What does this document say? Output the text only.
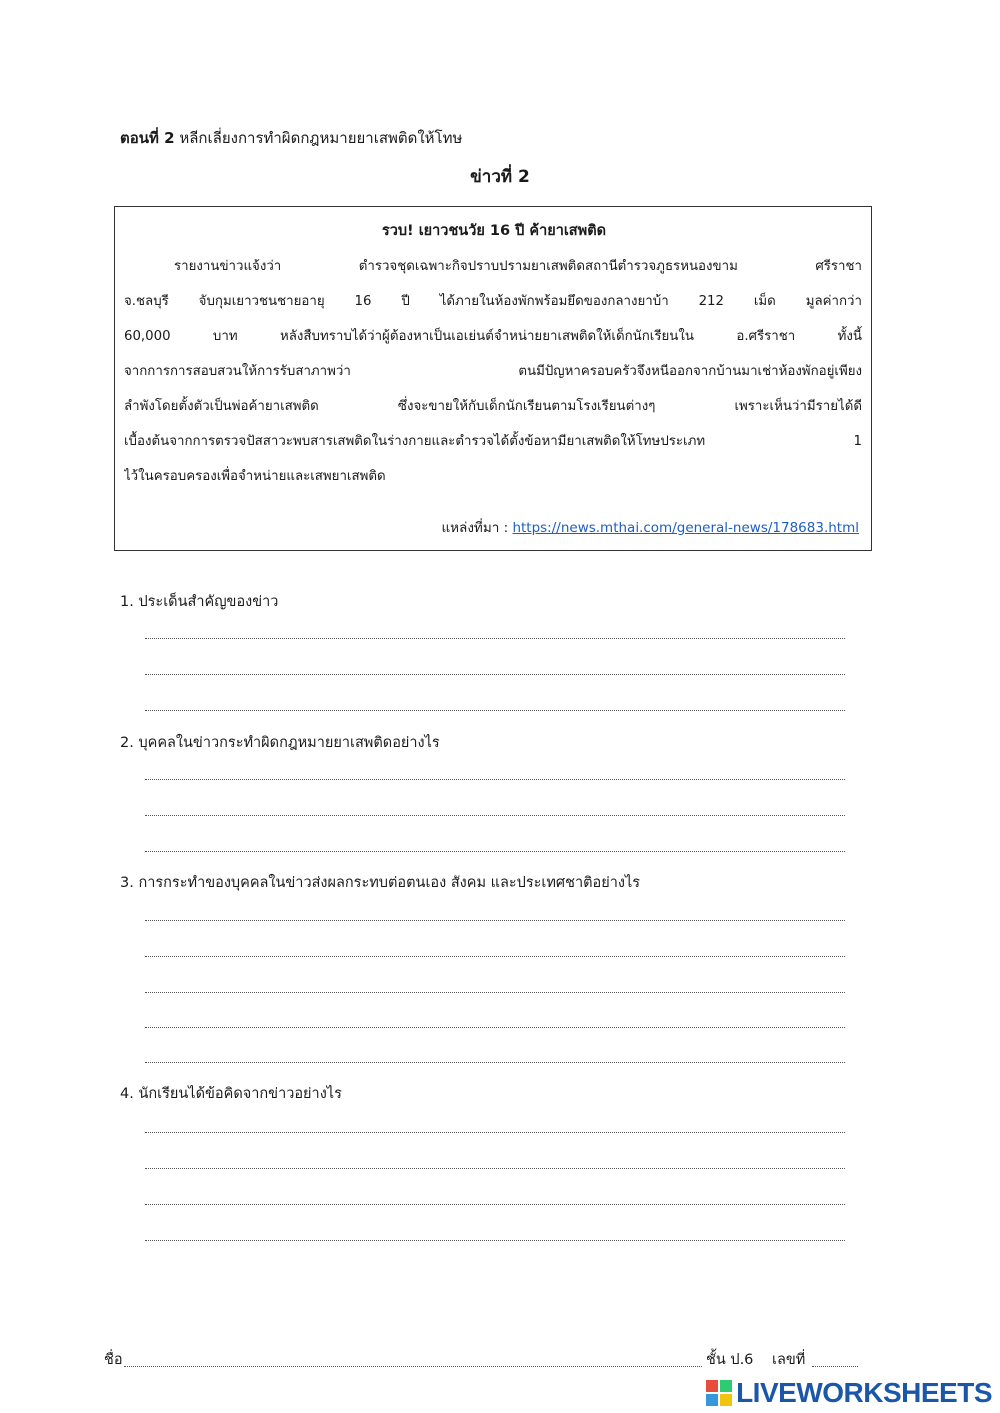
ตอนที่ 2 หลีกเลี่ยงการทำผิดกฎหมายยาเสพติดให้โทษ
ข่าวที่ 2
รวบ! เยาวชนวัย 16 ปี ค้ายาเสพติด
รายงานข่าวแจ้งว่า ตำรวจชุดเฉพาะกิจปราบปรามยาเสพติดสถานีตำรวจภูธรหนองขาม ศรีราชา
จ.ชลบุรี จับกุมเยาวชนชายอายุ 16 ปี ได้ภายในห้องพักพร้อมยึดของกลางยาบ้า 212 เม็ด มูลค่ากว่า
60,000 บาท หลังสืบทราบได้ว่าผู้ต้องหาเป็นเอเย่นต์จำหน่ายยาเสพติดให้เด็กนักเรียนใน อ.ศรีราชา ทั้งนี้
จากการการสอบสวนให้การรับสาภาพว่า ตนมีปัญหาครอบครัวจึงหนีออกจากบ้านมาเช่าห้องพักอยู่เพียง
ลำพังโดยตั้งตัวเป็นพ่อค้ายาเสพติด ซึ่งจะขายให้กับเด็กนักเรียนตามโรงเรียนต่างๆ เพราะเห็นว่ามีรายได้ดี
เบื้องต้นจากการตรวจปัสสาวะพบสารเสพติดในร่างกายและตำรวจได้ตั้งข้อหามียาเสพติดให้โทษประเภท 1
ไว้ในครอบครองเพื่อจำหน่ายและเสพยาเสพติด
แหล่งที่มา : https://news.mthai.com/general-news/178683.html
1. ประเด็นสำคัญของข่าว
2. บุคคลในข่าวกระทำผิดกฎหมายยาเสพติดอย่างไร
3. การกระทำของบุคคลในข่าวส่งผลกระทบต่อตนเอง สังคม และประเทศชาติอย่างไร
4. นักเรียนได้ข้อคิดจากข่าวอย่างไร
ชื่อ	ชั้น ป.6 เลขที่
LIVEWORKSHEETS
